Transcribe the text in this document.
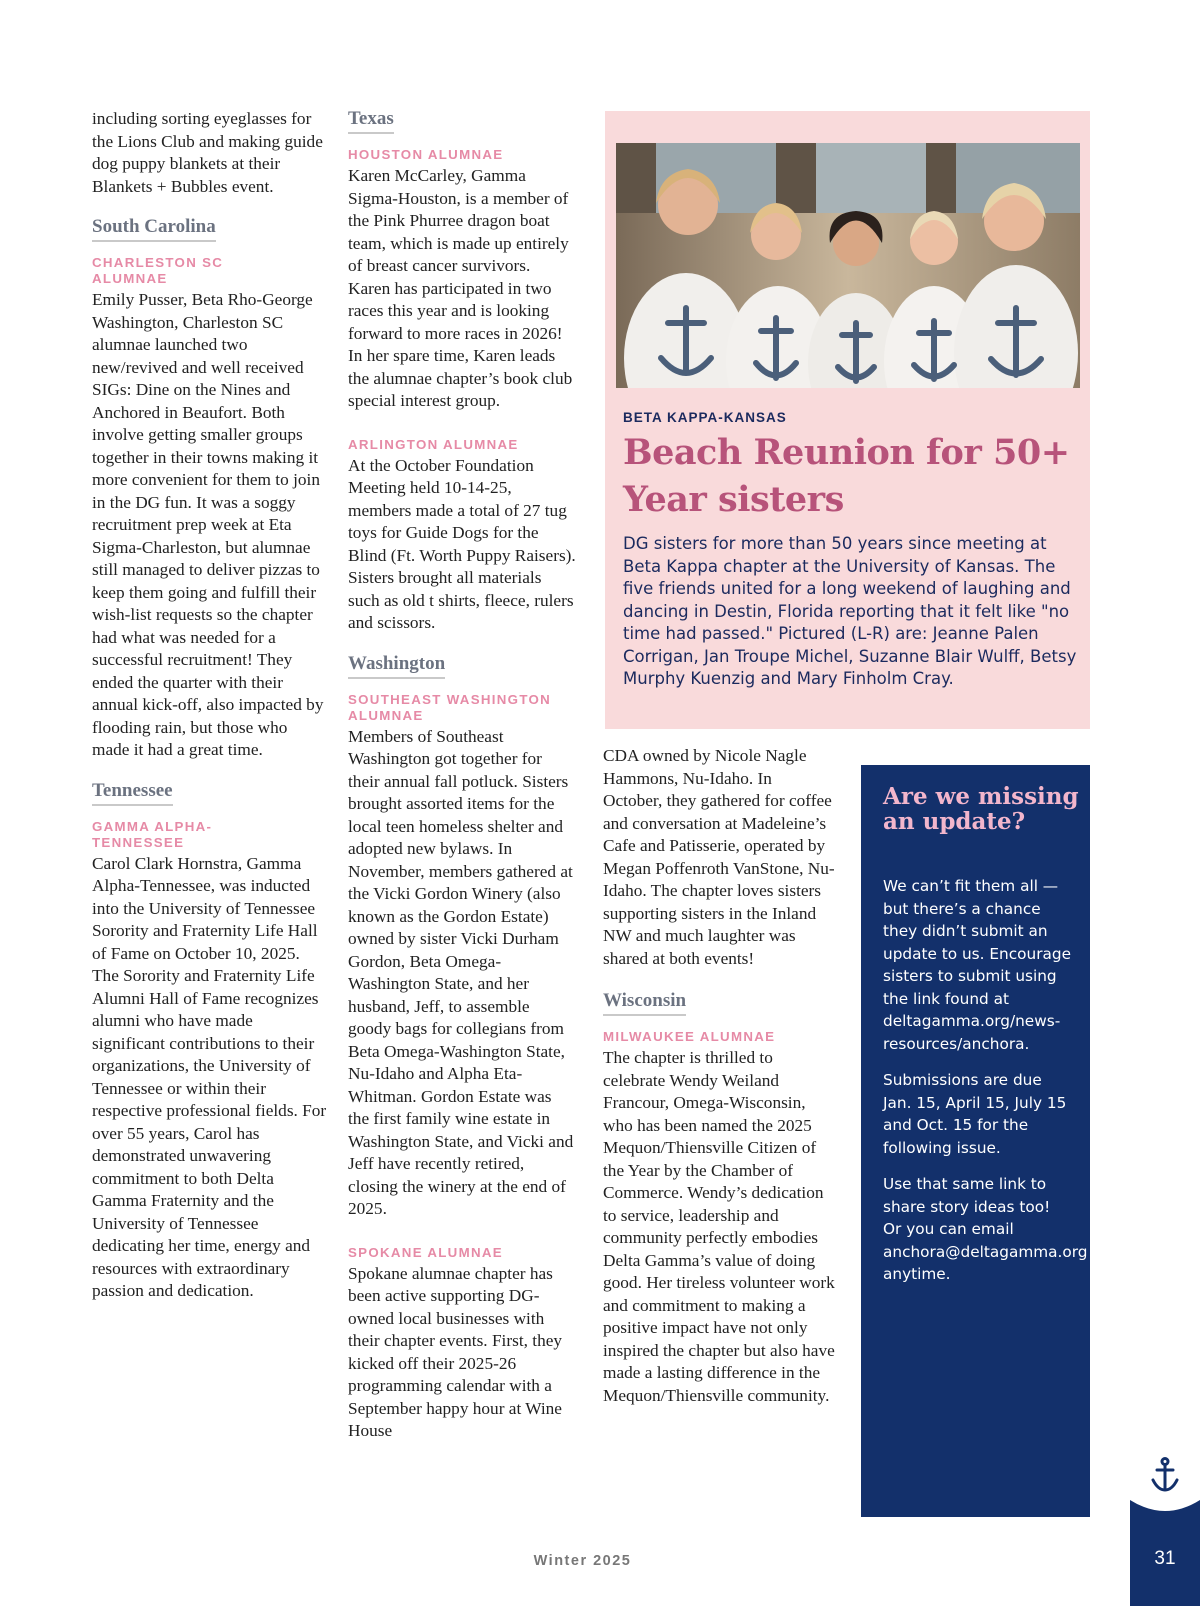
including sorting eyeglasses for the Lions Club and making guide dog puppy blankets at their Blankets + Bubbles event.

South Carolina
CHARLESTON SC ALUMNAE

Emily Pusser, Beta Rho-George Washington, Charleston SC alumnae launched two new/revived and well received SIGs: Dine on the Nines and Anchored in Beaufort. Both involve getting smaller groups together in their towns making it more convenient for them to join in the DG fun. It was a soggy recruitment prep week at Eta Sigma-Charleston, but alumnae still managed to deliver pizzas to keep them going and fulfill their wish-list requests so the chapter had what was needed for a successful recruitment! They ended the quarter with their annual kick-off, also impacted by flooding rain, but those who made it had a great time.

Tennessee
GAMMA ALPHA-TENNESSEE

Carol Clark Hornstra, Gamma Alpha-Tennessee, was inducted into the University of Tennessee Sorority and Fraternity Life Hall of Fame on October 10, 2025. The Sorority and Fraternity Life Alumni Hall of Fame recognizes alumni who have made significant contributions to their organizations, the University of Tennessee or within their respective professional fields. For over 55 years, Carol has demonstrated unwavering commitment to both Delta Gamma Fraternity and the University of Tennessee dedicating her time, energy and resources with extraordinary passion and dedication.

Texas
HOUSTON ALUMNAE

Karen McCarley, Gamma Sigma-Houston, is a member of the Pink Phurree dragon boat team, which is made up entirely of breast cancer survivors. Karen has participated in two races this year and is looking forward to more races in 2026! In her spare time, Karen leads the alumnae chapter’s book club special interest group.

ARLINGTON ALUMNAE

At the October Foundation Meeting held 10-14-25, members made a total of 27 tug toys for Guide Dogs for the Blind (Ft. Worth Puppy Raisers). Sisters brought all materials such as old t shirts, fleece, rulers and scissors.

Washington
SOUTHEAST WASHINGTON ALUMNAE

Members of Southeast Washington got together for their annual fall potluck. Sisters brought assorted items for the local teen homeless shelter and adopted new bylaws. In November, members gathered at the Vicki Gordon Winery (also known as the Gordon Estate) owned by sister Vicki Durham Gordon, Beta Omega-Washington State, and her husband, Jeff, to assemble goody bags for collegians from Beta Omega-Washington State, Nu-Idaho and Alpha Eta-Whitman. Gordon Estate was the first family wine estate in Washington State, and Vicki and Jeff have recently retired, closing the winery at the end of 2025.

SPOKANE ALUMNAE

Spokane alumnae chapter has been active supporting DG-owned local businesses with their chapter events. First, they kicked off their 2025-26 programming calendar with a September happy hour at Wine House

CDA owned by Nicole Nagle Hammons, Nu-Idaho. In October, they gathered for coffee and conversation at Madeleine’s Cafe and Patisserie, operated by Megan Poffenroth VanStone, Nu-Idaho. The chapter loves sisters supporting sisters in the Inland NW and much laughter was shared at both events!

Wisconsin
MILWAUKEE ALUMNAE

The chapter is thrilled to celebrate Wendy Weiland Francour, Omega-Wisconsin, who has been named the 2025 Mequon/Thiensville Citizen of the Year by the Chamber of Commerce. Wendy’s dedication to service, leadership and community perfectly embodies Delta Gamma’s value of doing good. Her tireless volunteer work and commitment to making a positive impact have not only inspired the chapter but also have made a lasting difference in the Mequon/Thiensville community.

BETA KAPPA-KANSAS
Beach Reunion for 50+ Year sisters
DG sisters for more than 50 years since meeting at Beta Kappa chapter at the University of Kansas. The five friends united for a long weekend of laughing and dancing in Destin, Florida reporting that it felt like "no time had passed." Pictured (L-R) are: Jeanne Palen Corrigan, Jan Troupe Michel, Suzanne Blair Wulff, Betsy Murphy Kuenzig and Mary Finholm Cray.
Are we missing an update?

We can’t fit them all — but there’s a chance they didn’t submit an update to us. Encourage sisters to submit using the link found at deltagamma.org/news-resources/anchora.

Submissions are due Jan. 15, April 15, July 15 and Oct. 15 for the following issue.

Use that same link to share story ideas too! Or you can email anchora@deltagamma.org anytime.

Winter 2025	31
